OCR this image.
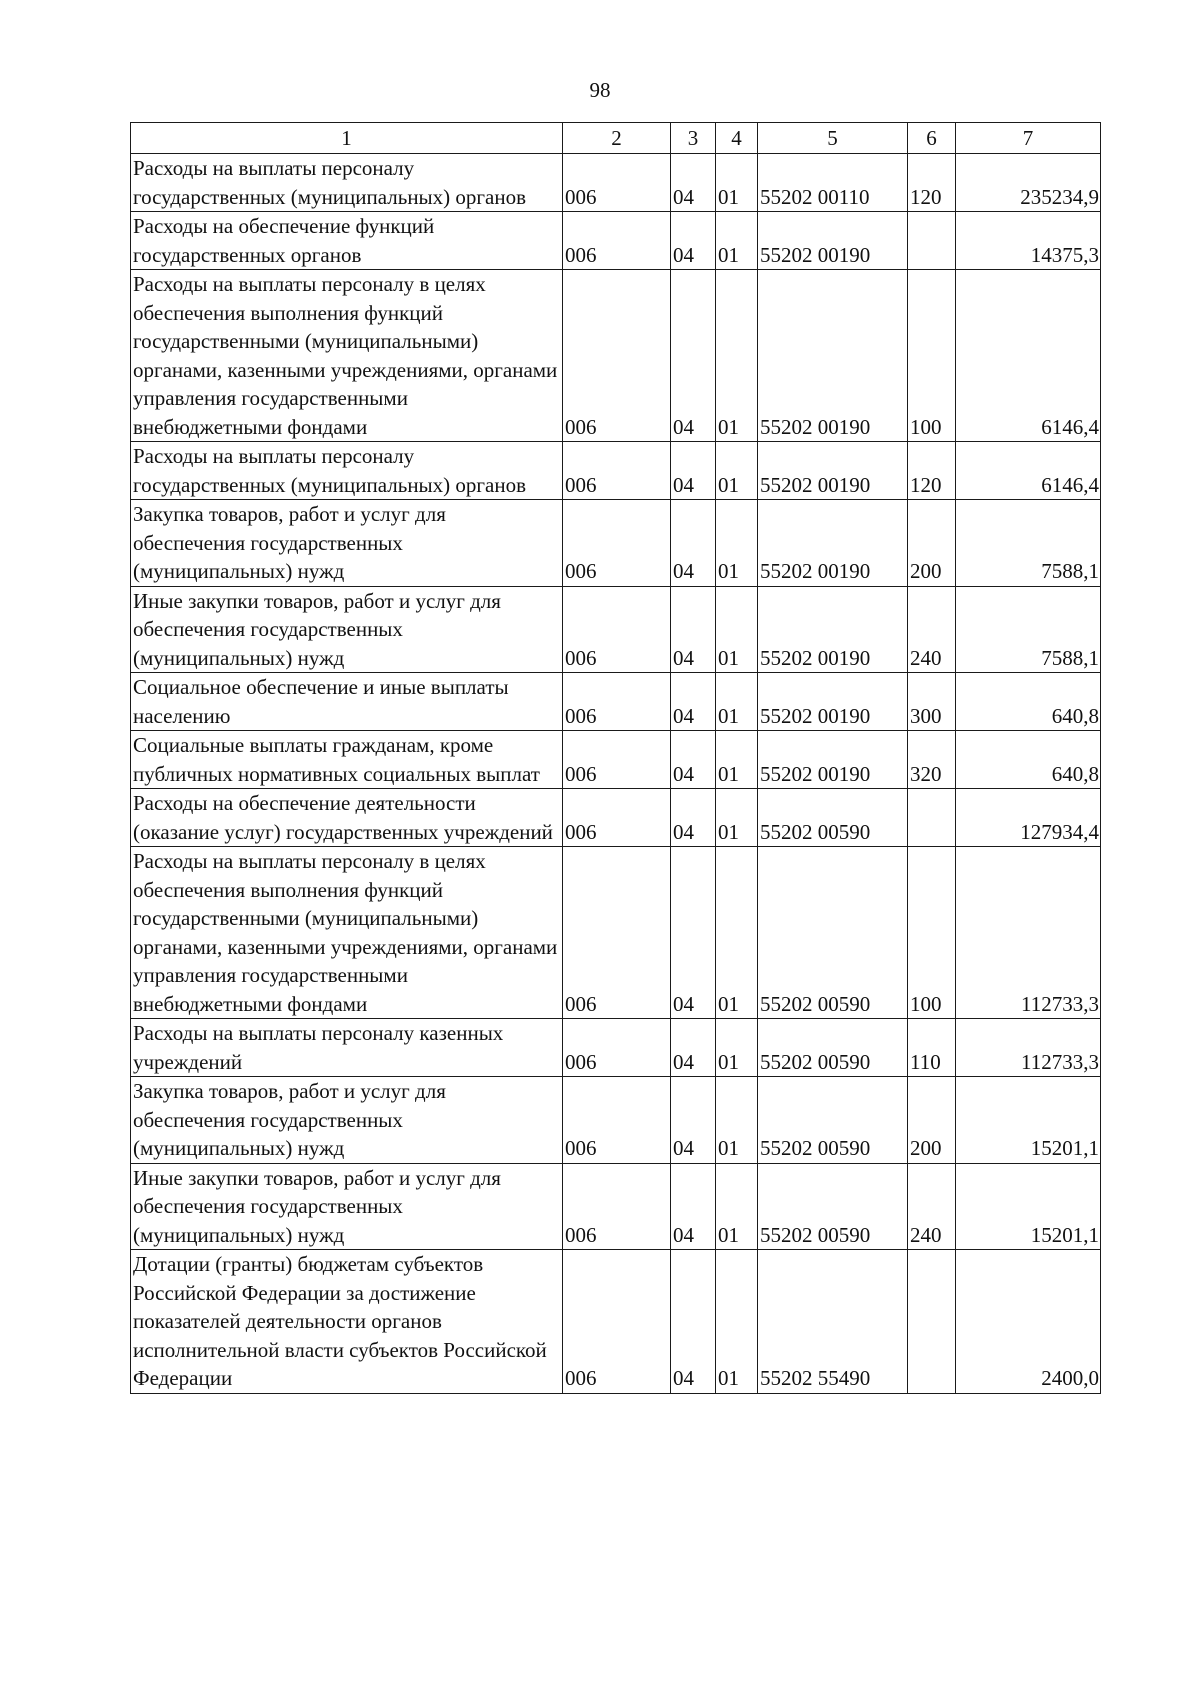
98
1	2	3	4	5	6	7
Расходы на выплаты персоналу государственных (муниципальных) органов	006	04	01	55202 00110	120	235234,9
Расходы на обеспечение функций государственных органов	006	04	01	55202 00190		14375,3
Расходы на выплаты персоналу в целях обеспечения выполнения функций государственными (муниципальными) органами, казенными учреждениями, органами управления государственными внебюджетными фондами	006	04	01	55202 00190	100	6146,4
Расходы на выплаты персоналу государственных (муниципальных) органов	006	04	01	55202 00190	120	6146,4
Закупка товаров, работ и услуг для обеспечения государственных (муниципальных) нужд	006	04	01	55202 00190	200	7588,1
Иные закупки товаров, работ и услуг для обеспечения государственных (муниципальных) нужд	006	04	01	55202 00190	240	7588,1
Социальное обеспечение и иные выплаты населению	006	04	01	55202 00190	300	640,8
Социальные выплаты гражданам, кроме публичных нормативных социальных выплат	006	04	01	55202 00190	320	640,8
Расходы на обеспечение деятельности (оказание услуг) государственных учреждений	006	04	01	55202 00590		127934,4
Расходы на выплаты персоналу в целях обеспечения выполнения функций государственными (муниципальными) органами, казенными учреждениями, органами управления государственными внебюджетными фондами	006	04	01	55202 00590	100	112733,3
Расходы на выплаты персоналу казенных учреждений	006	04	01	55202 00590	110	112733,3
Закупка товаров, работ и услуг для обеспечения государственных (муниципальных) нужд	006	04	01	55202 00590	200	15201,1
Иные закупки товаров, работ и услуг для обеспечения государственных (муниципальных) нужд	006	04	01	55202 00590	240	15201,1
Дотации (гранты) бюджетам субъектов Российской Федерации за достижение показателей деятельности органов исполнительной власти субъектов Российской Федерации	006	04	01	55202 55490		2400,0
